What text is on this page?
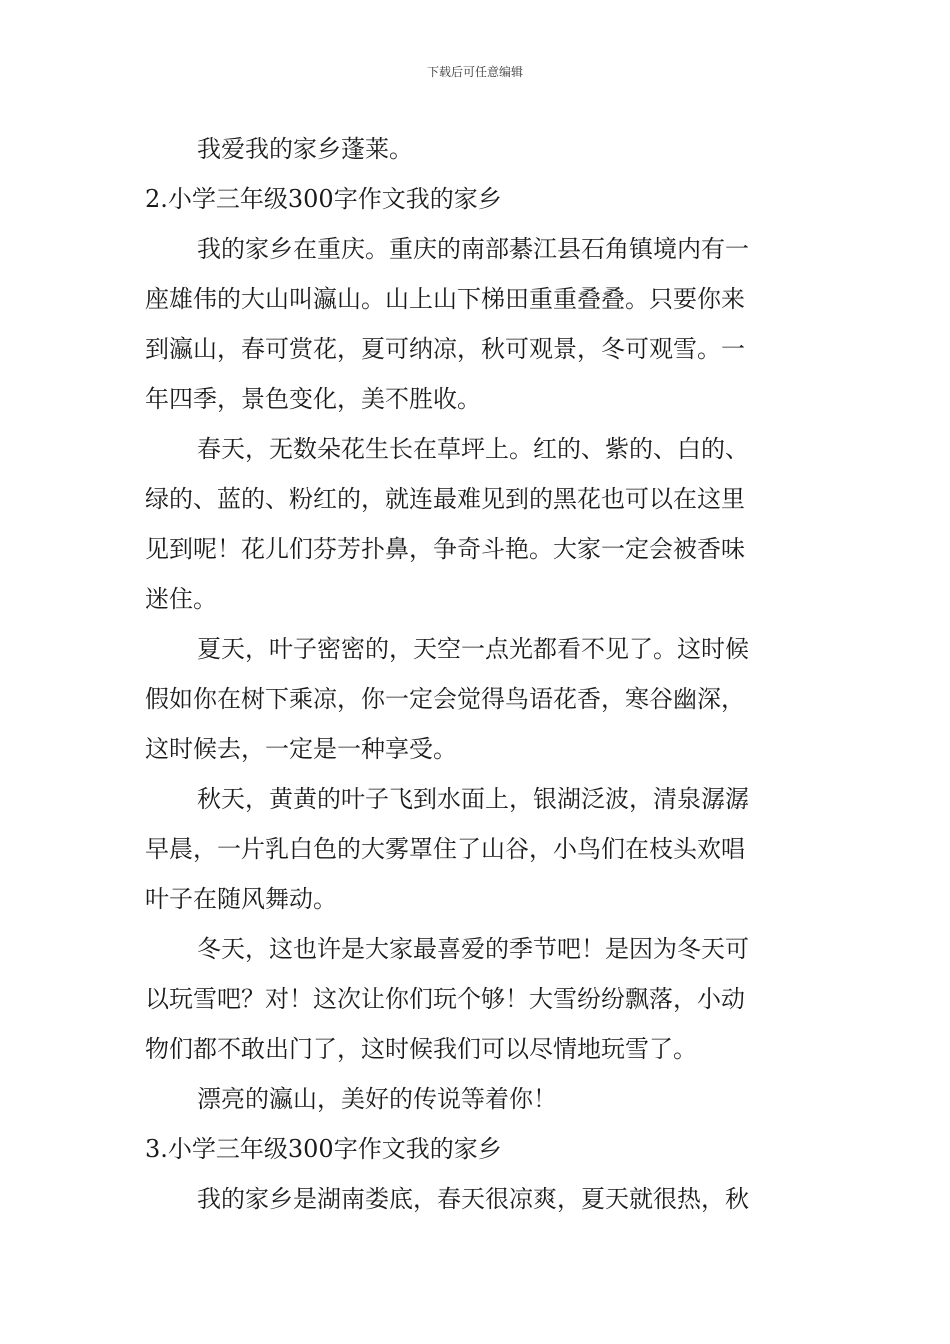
下载后可任意编辑
我爱我的家乡蓬莱。
2.小学三年级300字作文我的家乡
我的家乡在重庆。重庆的南部綦江县石角镇境内有一
座雄伟的大山叫瀛山。山上山下梯田重重叠叠。只要你来
到瀛山，春可赏花，夏可纳凉，秋可观景，冬可观雪。一
年四季，景色变化，美不胜收。
春天，无数朵花生长在草坪上。红的、紫的、白的、
绿的、蓝的、粉红的，就连最难见到的黑花也可以在这里
见到呢！花儿们芬芳扑鼻，争奇斗艳。大家一定会被香味
迷住。
夏天，叶子密密的，天空一点光都看不见了。这时候
假如你在树下乘凉，你一定会觉得鸟语花香，寒谷幽深，
这时候去，一定是一种享受。
秋天，黄黄的叶子飞到水面上，银湖泛波，清泉潺潺
早晨，一片乳白色的大雾罩住了山谷，小鸟们在枝头欢唱
叶子在随风舞动。
冬天，这也许是大家最喜爱的季节吧！是因为冬天可
以玩雪吧？对！这次让你们玩个够！大雪纷纷飘落，小动
物们都不敢出门了，这时候我们可以尽情地玩雪了。
漂亮的瀛山，美好的传说等着你！
3.小学三年级300字作文我的家乡
我的家乡是湖南娄底，春天很凉爽，夏天就很热，秋
